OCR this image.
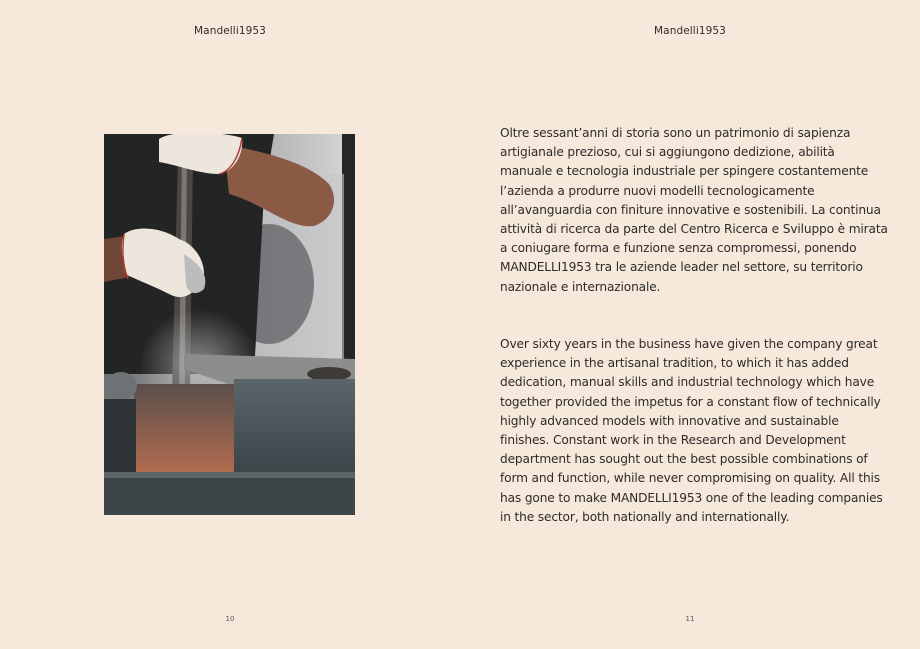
Mandelli1953
10
Mandelli1953

Oltre sessant’anni di storia sono un patrimonio di sapienza artigianale prezioso, cui si aggiungono dedizione, abilità manuale e tecnologia industriale per spingere costantemente l’azienda a produrre nuovi modelli tecnologicamente all’avanguardia con finiture innovative e sostenibili. La continua attività di ricerca da parte del Centro Ricerca e Sviluppo è mirata a coniugare forma e funzione senza compromessi, ponendo MANDELLI1953 tra le aziende leader nel settore, su territorio nazionale e internazionale.

Over sixty years in the business have given the company great experience in the artisanal tradition, to which it has added dedication, manual skills and industrial technology which have together provided the impetus for a constant flow of technically highly advanced models with innovative and sustainable finishes. Constant work in the Research and Development department has sought out the best possible combinations of form and function, while never compromising on quality. All this has gone to make MANDELLI1953 one of the leading companies in the sector, both nationally and internationally.

11
